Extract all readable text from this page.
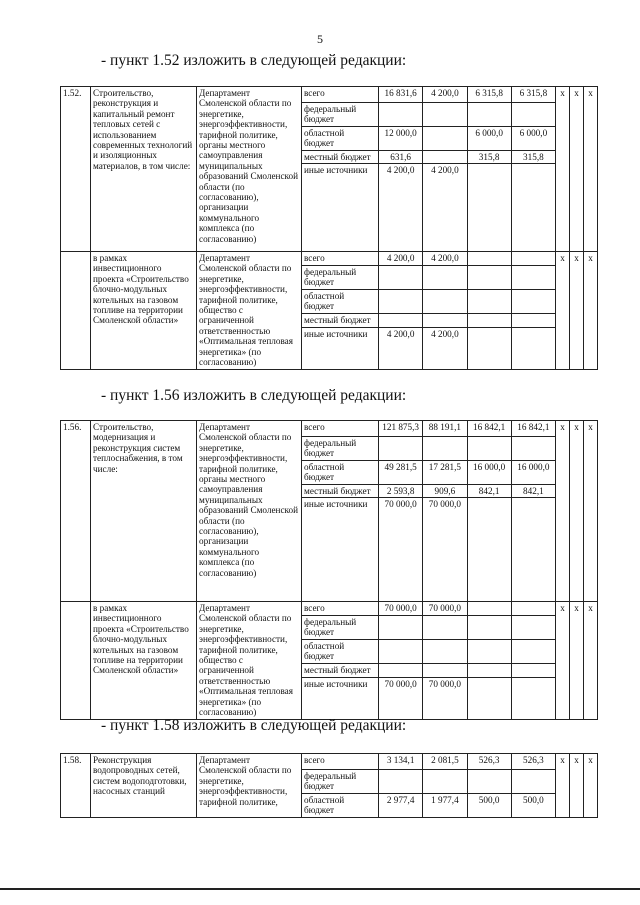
5
- пункт 1.52 изложить в следующей редакции:
1.52.	Строительство, реконструкция и капитальный ремонт тепловых сетей с использованием современных технологий и изоляционных материалов, в том числе:	Департамент Смоленской области по энергетике, энергоэффективности, тарифной политике, органы местного самоуправления муниципальных образований Смоленской области (по согласованию), организации коммунального комплекса (по согласованию)	всего	16 831,6	4 200,0	6 315,8	6 315,8	x	x	x
			федеральный бюджет							
			областной бюджет	12 000,0		6 000,0	6 000,0			
			местный бюджет	631,6		315,8	315,8			
			иные источники	4 200,0	4 200,0					
	в рамках инвестиционного проекта «Строительство блочно-модульных котельных на газовом топливе на территории Смоленской области»	Департамент Смоленской области по энергетике, энергоэффективности, тарифной политике, общество с ограниченной ответственностью «Оптимальная тепловая энергетика» (по согласованию)	всего	4 200,0	4 200,0			x	x	x
			федеральный бюджет							
			областной бюджет							
			местный бюджет							
			иные источники	4 200,0	4 200,0					
- пункт 1.56 изложить в следующей редакции:
1.56.	Строительство, модернизация и реконструкция систем теплоснабжения, в том числе:	Департамент Смоленской области по энергетике, энергоэффективности, тарифной политике, органы местного самоуправления муниципальных образований Смоленской области (по согласованию), организации коммунального комплекса (по согласованию)	всего	121 875,3	88 191,1	16 842,1	16 842,1	x	x	x
			федеральный бюджет							
			областной бюджет	49 281,5	17 281,5	16 000,0	16 000,0			
			местный бюджет	2 593,8	909,6	842,1	842,1			
			иные источники	70 000,0	70 000,0					
	в рамках инвестиционного проекта «Строительство блочно-модульных котельных на газовом топливе на территории Смоленской области»	Департамент Смоленской области по энергетике, энергоэффективности, тарифной политике, общество с ограниченной ответственностью «Оптимальная тепловая энергетика» (по согласованию)	всего	70 000,0	70 000,0			x	x	x
			федеральный бюджет							
			областной бюджет							
			местный бюджет							
			иные источники	70 000,0	70 000,0					
- пункт 1.58 изложить в следующей редакции:
1.58.	Реконструкция водопроводных сетей, систем водоподготовки, насосных станций	Департамент Смоленской области по энергетике, энергоэффективности, тарифной политике,	всего	3 134,1	2 081,5	526,3	526,3	x	x	x
			федеральный бюджет							
			областной бюджет	2 977,4	1 977,4	500,0	500,0			
